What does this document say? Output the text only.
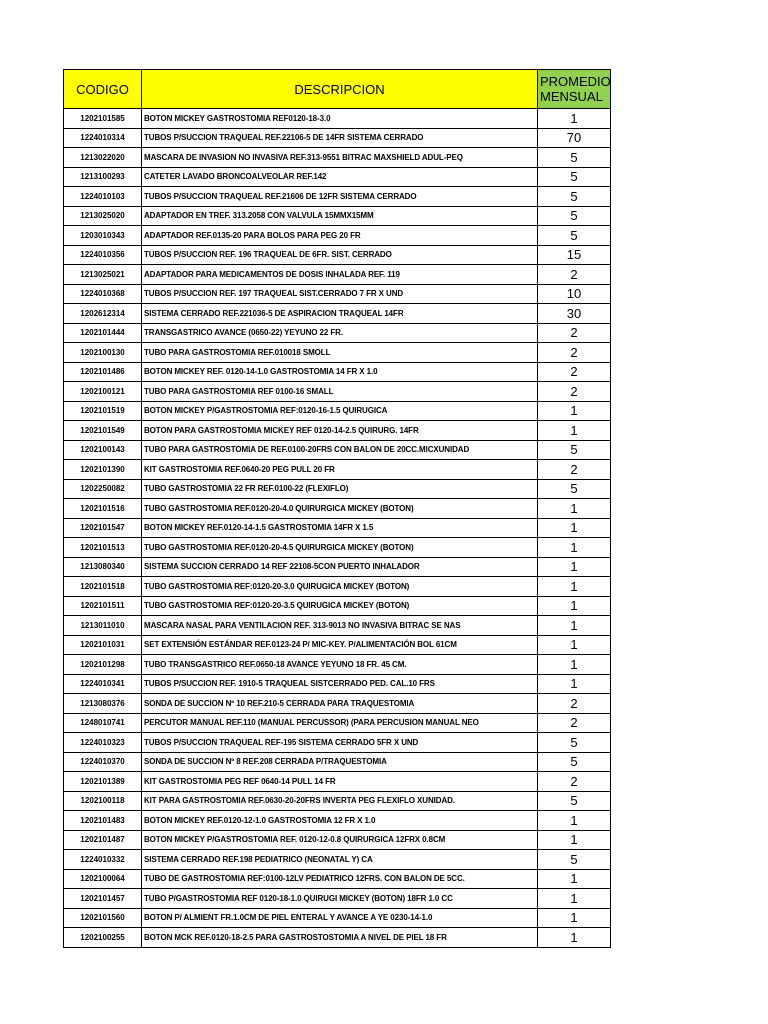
CODIGO	DESCRIPCION	PROMEDIO
MENSUAL

1202101585	BOTON MICKEY GASTROSTOMIA REF0120-18-3.0	1
1224010314	TUBOS P/SUCCION TRAQUEAL REF.22106-5 DE 14FR SISTEMA CERRADO	70
1213022020	MASCARA DE INVASION NO INVASIVA REF.313-9551 BITRAC MAXSHIELD ADUL-PEQ	5
1213100293	CATETER LAVADO BRONCOALVEOLAR REF.142	5
1224010103	TUBOS P/SUCCION TRAQUEAL REF.21606 DE 12FR SISTEMA CERRADO	5
1213025020	ADAPTADOR EN TREF. 313.2058 CON VALVULA 15MMX15MM	5
1203010343	ADAPTADOR REF.0135-20 PARA BOLOS PARA PEG 20 FR	5
1224010356	TUBOS P/SUCCION REF. 196 TRAQUEAL DE 6FR. SIST. CERRADO	15
1213025021	ADAPTADOR PARA MEDICAMENTOS DE DOSIS INHALADA REF. 119	2
1224010368	TUBOS P/SUCCION REF. 197 TRAQUEAL SIST.CERRADO 7 FR X UND	10
1202612314	SISTEMA CERRADO REF.221036-5 DE ASPIRACION TRAQUEAL 14FR	30
1202101444	TRANSGASTRICO AVANCE (0650-22) YEYUNO 22 FR.	2
1202100130	TUBO PARA GASTROSTOMIA REF.010018 SMOLL	2
1202101486	BOTON MICKEY REF. 0120-14-1.0 GASTROSTOMIA 14 FR X 1.0	2
1202100121	TUBO PARA GASTROSTOMIA REF 0100-16 SMALL	2
1202101519	BOTON MICKEY P/GASTROSTOMIA REF:0120-16-1.5 QUIRUGICA	1
1202101549	BOTON PARA GASTROSTOMIA MICKEY REF 0120-14-2.5 QUIRURG. 14FR	1
1202100143	TUBO PARA GASTROSTOMIA DE REF.0100-20FRS CON BALON DE 20CC.MICXUNIDAD	5
1202101390	KIT GASTROSTOMIA REF.0640-20 PEG PULL 20 FR	2
1202250082	TUBO GASTROSTOMIA 22 FR REF.0100-22 (FLEXIFLO)	5
1202101516	TUBO GASTROSTOMIA REF.0120-20-4.0 QUIRURGICA MICKEY (BOTON)	1
1202101547	BOTON MICKEY REF.0120-14-1.5 GASTROSTOMIA 14FR X 1.5	1
1202101513	TUBO GASTROSTOMIA REF.0120-20-4.5 QUIRURGICA MICKEY (BOTON)	1
1213080340	SISTEMA SUCCION CERRADO 14 REF 22108-5CON PUERTO INHALADOR	1
1202101518	TUBO GASTROSTOMIA REF:0120-20-3.0 QUIRUGICA MICKEY (BOTON)	1
1202101511	TUBO GASTROSTOMIA REF:0120-20-3.5 QUIRUGICA MICKEY (BOTON)	1
1213011010	MASCARA NASAL PARA VENTILACION REF. 313-9013 NO INVASIVA BITRAC SE NAS	1
1202101031	SET EXTENSIÓN ESTÁNDAR REF.0123-24 P/ MIC-KEY. P/ALIMENTACIÓN BOL 61CM	1
1202101298	TUBO TRANSGASTRICO REF.0650-18 AVANCE YEYUNO 18 FR. 45 CM.	1
1224010341	TUBOS P/SUCCION REF. 1910-5 TRAQUEAL SISTCERRADO PED. CAL.10 FRS	1
1213080376	SONDA DE SUCCION Nº 10 REF.210-5 CERRADA PARA TRAQUESTOMIA	2
1248010741	PERCUTOR MANUAL REF.110 (MANUAL PERCUSSOR) (PARA PERCUSION MANUAL NEO	2
1224010323	TUBOS P/SUCCION TRAQUEAL REF-195 SISTEMA CERRADO 5FR X UND	5
1224010370	SONDA DE SUCCION Nº 8 REF.208 CERRADA P/TRAQUESTOMIA	5
1202101389	KIT GASTROSTOMIA PEG REF 0640-14 PULL 14 FR	2
1202100118	KIT PARA GASTROSTOMIA REF.0630-20-20FRS INVERTA PEG FLEXIFLO XUNIDAD.	5
1202101483	BOTON MICKEY REF.0120-12-1.0 GASTROSTOMIA 12 FR X 1.0	1
1202101487	BOTON MICKEY P/GASTROSTOMIA REF. 0120-12-0.8 QUIRURGICA 12FRX 0.8CM	1
1224010332	SISTEMA CERRADO REF.198 PEDIATRICO (NEONATAL Y) CA	5
1202100064	TUBO DE GASTROSTOMIA REF:0100-12LV PEDIATRICO 12FRS. CON BALON DE 5CC.	1
1202101457	TUBO P/GASTROSTOMIA REF 0120-18-1.0 QUIRUGI MICKEY (BOTON) 18FR 1.0 CC	1
1202101560	BOTON P/ ALMIENT FR.1.0CM DE PIEL ENTERAL Y AVANCE A YE 0230-14-1.0	1
1202100255	BOTON MCK REF.0120-18-2.5 PARA GASTROSTOSTOMIA A NIVEL DE PIEL 18 FR	1
